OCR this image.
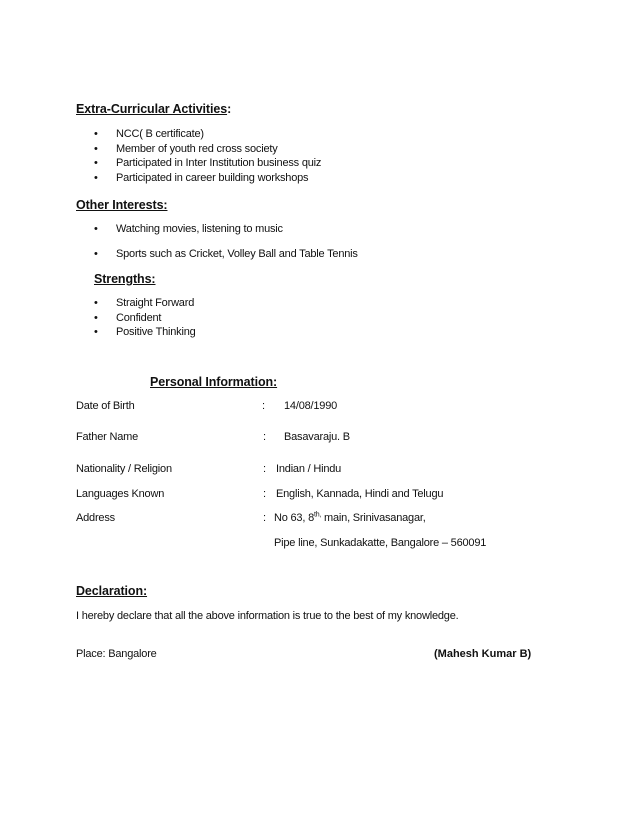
Extra-Curricular Activities:
• NCC( B certificate)
• Member of youth red cross society
• Participated in Inter Institution business quiz
• Participated in career building workshops
Other Interests:
• Watching movies, listening to music
• Sports such as Cricket, Volley Ball and Table Tennis
Strengths:
• Straight Forward
• Confident
• Positive Thinking
Personal Information:
Date of Birth	: 14/08/1990
Father Name	: Basavaraju. B
Nationality / Religion	: Indian / Hindu
Languages Known	: English, Kannada, Hindi and Telugu
Address	: No 63, $8^{th,}$ main, Srinivasanagar,
Pipe line, Sunkadakatte, Bangalore – 560091
Declaration:
I hereby declare that all the above information is true to the best of my knowledge.
Place: Bangalore	(Mahesh Kumar B)
